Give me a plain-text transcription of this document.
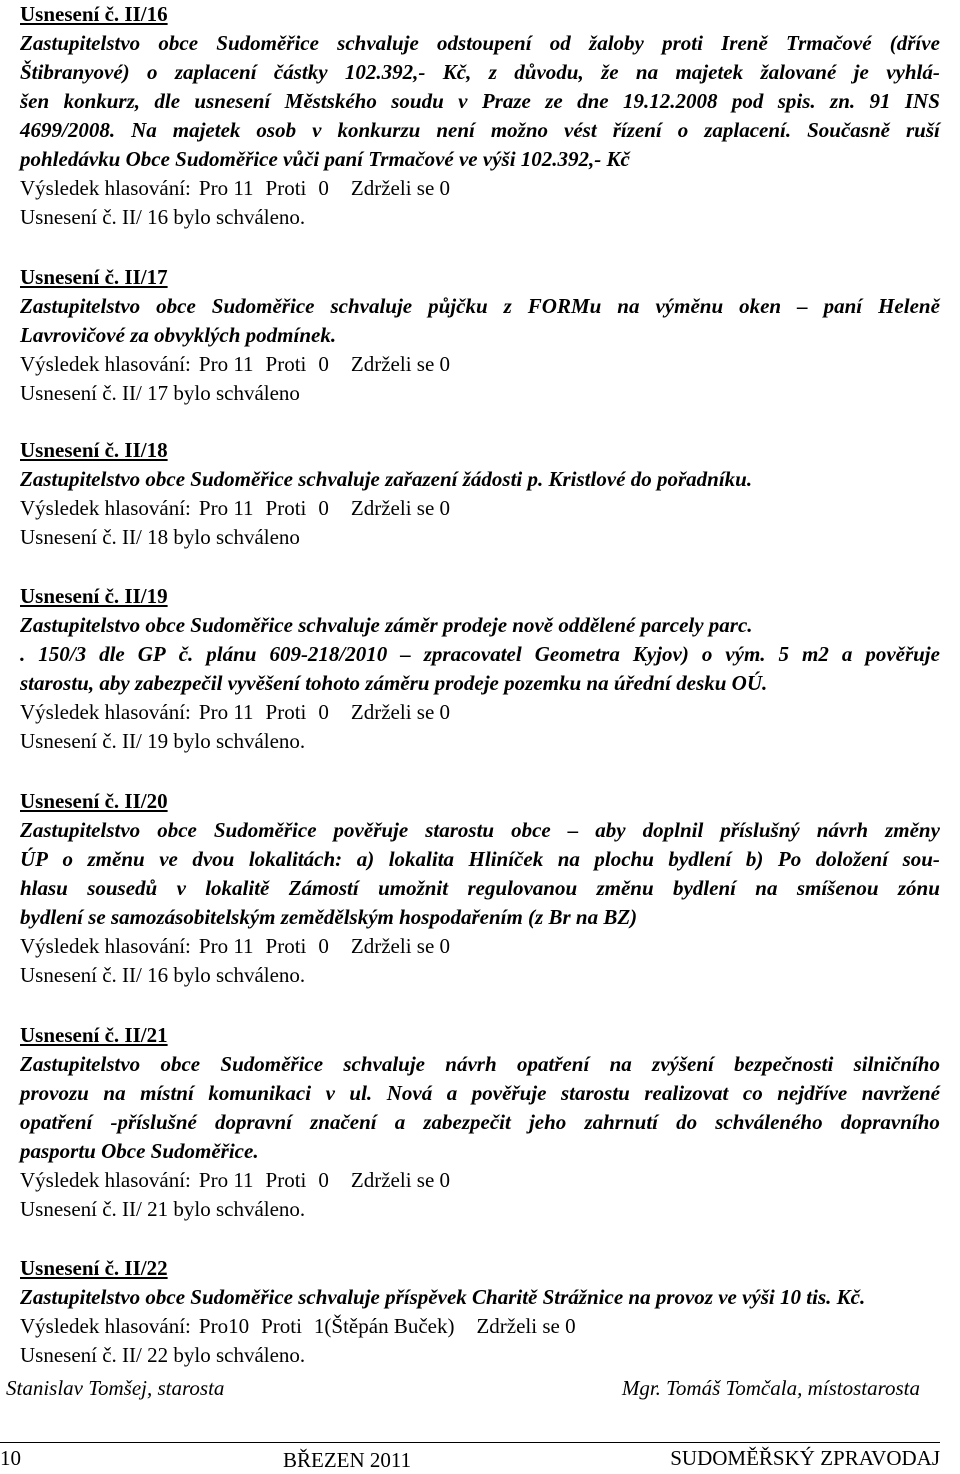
Usnesení č. II/16
Zastupitelstvo obce Sudoměřice schvaluje odstoupení od žaloby proti Ireně Trmačové (dříve
Štibranyové) o zaplacení částky 102.392,- Kč, z důvodu, že na majetek žalované je vyhlá-
šen konkurz, dle usnesení Městského soudu v Praze ze dne 19.12.2008 pod spis. zn. 91 INS
4699/2008. Na majetek osob v konkurzu není možno vést řízení o zaplacení. Současně ruší
pohledávku Obce Sudoměřice vůči paní Trmačové ve výši 102.392,- Kč
Výsledek hlasování: Pro 11 Proti 0 Zdrželi se 0
Usnesení č. II/ 16 bylo schváleno.
Usnesení č. II/17
Zastupitelstvo obce Sudoměřice schvaluje půjčku z FORMu na výměnu oken – paní Heleně
Lavrovičové za obvyklých podmínek.
Výsledek hlasování: Pro 11 Proti 0 Zdrželi se 0
Usnesení č. II/ 17 bylo schváleno
Usnesení č. II/18
Zastupitelstvo obce Sudoměřice schvaluje zařazení žádosti p. Kristlové do pořadníku.
Výsledek hlasování: Pro 11 Proti 0 Zdrželi se 0
Usnesení č. II/ 18 bylo schváleno
Usnesení č. II/19
Zastupitelstvo obce Sudoměřice schvaluje záměr prodeje nově oddělené parcely parc.
. 150/3 dle GP č. plánu 609-218/2010 – zpracovatel Geometra Kyjov) o vým. 5 m2 a pověřuje
starostu, aby zabezpečil vyvěšení tohoto záměru prodeje pozemku na úřední desku OÚ.
Výsledek hlasování: Pro 11 Proti 0 Zdrželi se 0
Usnesení č. II/ 19 bylo schváleno.
Usnesení č. II/20
Zastupitelstvo obce Sudoměřice pověřuje starostu obce – aby doplnil příslušný návrh změny
ÚP o změnu ve dvou lokalitách: a) lokalita Hliníček na plochu bydlení b) Po doložení sou-
hlasu sousedů v lokalitě Zámostí umožnit regulovanou změnu bydlení na smíšenou zónu
bydlení se samozásobitelským zemědělským hospodařením (z Br na BZ)
Výsledek hlasování: Pro 11 Proti 0 Zdrželi se 0
Usnesení č. II/ 16 bylo schváleno.
Usnesení č. II/21
Zastupitelstvo obce Sudoměřice schvaluje návrh opatření na zvýšení bezpečnosti silničního
provozu na místní komunikaci v ul. Nová a pověřuje starostu realizovat co nejdříve navržené
opatření -příslušné dopravní značení a zabezpečit jeho zahrnutí do schváleného dopravního
pasportu Obce Sudoměřice.
Výsledek hlasování: Pro 11 Proti 0 Zdrželi se 0
Usnesení č. II/ 21 bylo schváleno.
Usnesení č. II/22
Zastupitelstvo obce Sudoměřice schvaluje příspěvek Charitě Strážnice na provoz ve výši 10 tis. Kč.
Výsledek hlasování: Pro10 Proti 1(Štěpán Buček) Zdrželi se 0
Usnesení č. II/ 22 bylo schváleno.
Stanislav Tomšej, starosta	Mgr. Tomáš Tomčala, místostarosta
10	BŘEZEN 2011	SUDOMĚŘSKÝ ZPRAVODAJ
